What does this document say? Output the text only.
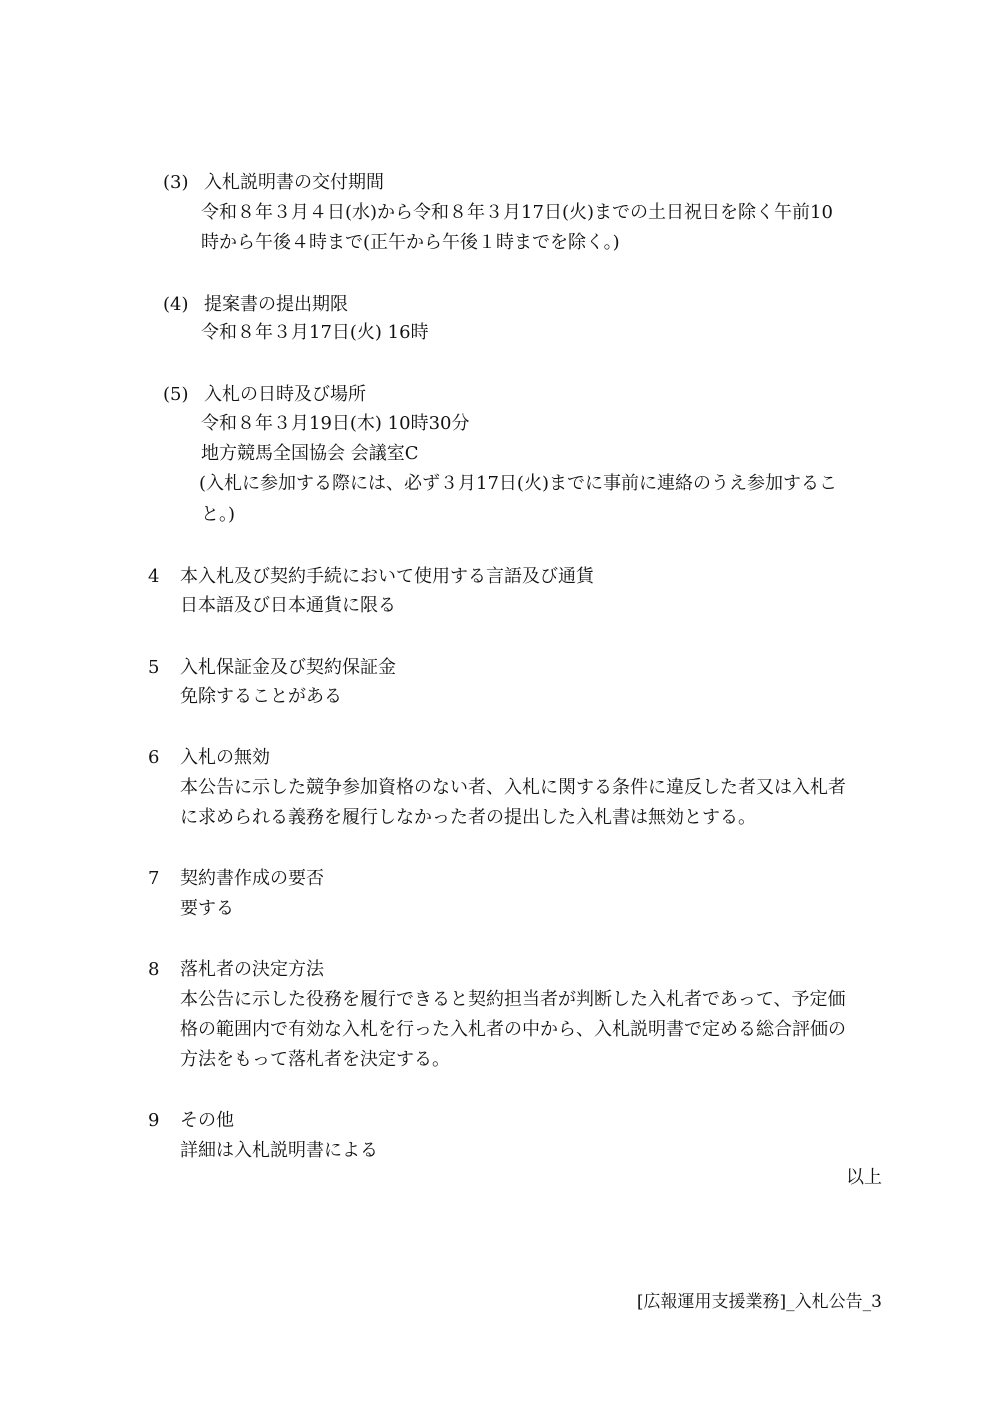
(3) 入札説明書の交付期間
令和８年３月４日(水)から令和８年３月17日(火)までの土日祝日を除く午前10
時から午後４時まで(正午から午後１時までを除く。)
(4) 提案書の提出期限
令和８年３月17日(火) 16時
(5) 入札の日時及び場所
令和８年３月19日(木) 10時30分
地方競馬全国協会 会議室C
(入札に参加する際には、必ず３月17日(火)までに事前に連絡のうえ参加するこ
と。)
4 本入札及び契約手続において使用する言語及び通貨
日本語及び日本通貨に限る
5 入札保証金及び契約保証金
免除することがある
6 入札の無効
本公告に示した競争参加資格のない者、入札に関する条件に違反した者又は入札者
に求められる義務を履行しなかった者の提出した入札書は無効とする。
7 契約書作成の要否
要する
8 落札者の決定方法
本公告に示した役務を履行できると契約担当者が判断した入札者であって、予定価
格の範囲内で有効な入札を行った入札者の中から、入札説明書で定める総合評価の
方法をもって落札者を決定する。
9 その他
詳細は入札説明書による
以上
[広報運用支援業務]_入札公告_3
